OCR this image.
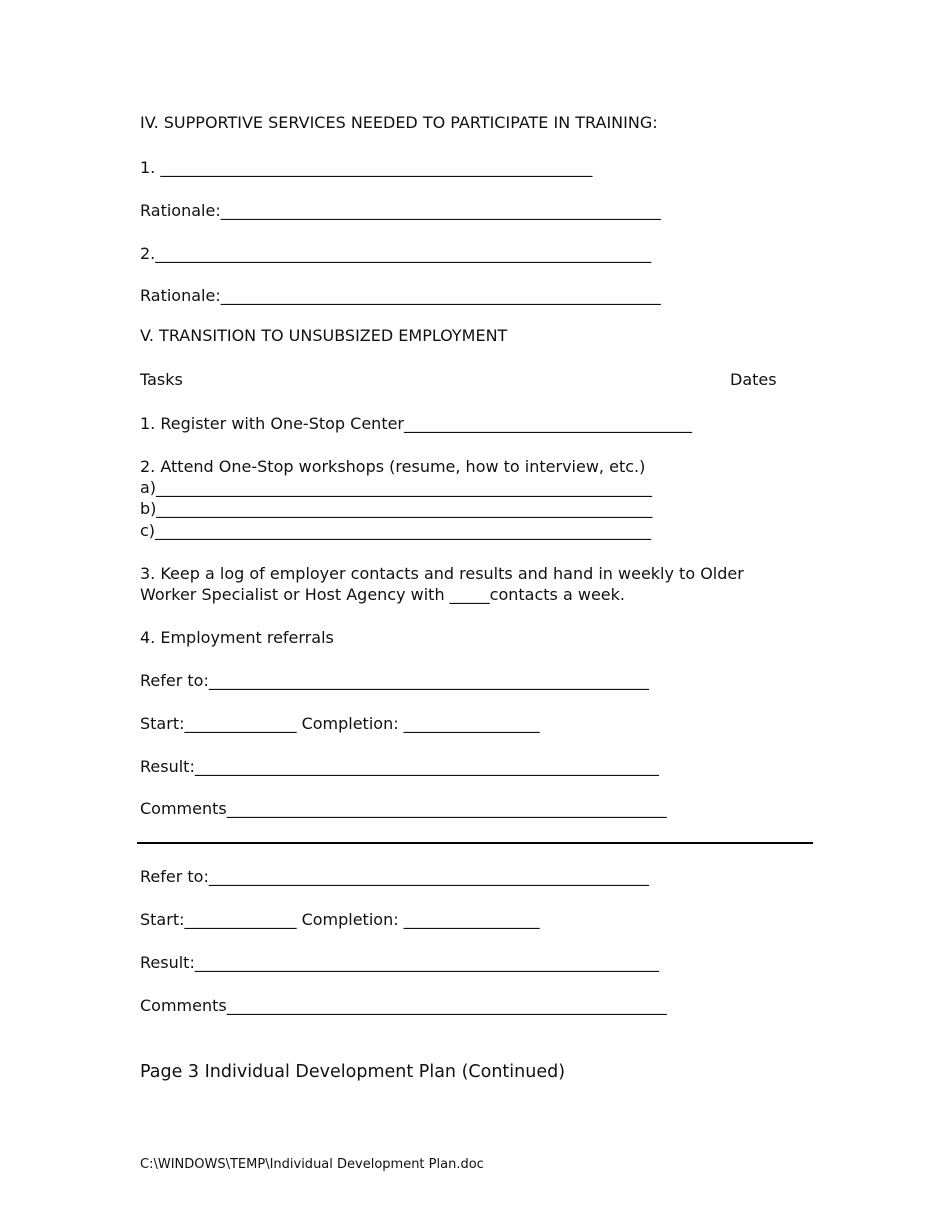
IV. SUPPORTIVE SERVICES NEEDED TO PARTICIPATE IN TRAINING:
1. ______________________________________________________
Rationale:_______________________________________________________
2.______________________________________________________________
Rationale:_______________________________________________________
V. TRANSITION TO UNSUBSIZED EMPLOYMENT
Tasks	Dates
1. Register with One-Stop Center____________________________________
2. Attend One-Stop workshops (resume, how to interview, etc.)
a)______________________________________________________________
b)______________________________________________________________
c)______________________________________________________________
3. Keep a log of employer contacts and results and hand in weekly to Older
Worker Specialist or Host Agency with _____contacts a week.
4. Employment referrals
Refer to:_______________________________________________________
Start:______________ Completion: _________________
Result:__________________________________________________________
Comments_______________________________________________________
Refer to:_______________________________________________________
Start:______________ Completion: _________________
Result:__________________________________________________________
Comments_______________________________________________________
Page 3 Individual Development Plan (Continued)
C:\WINDOWS\TEMP\Individual Development Plan.doc
